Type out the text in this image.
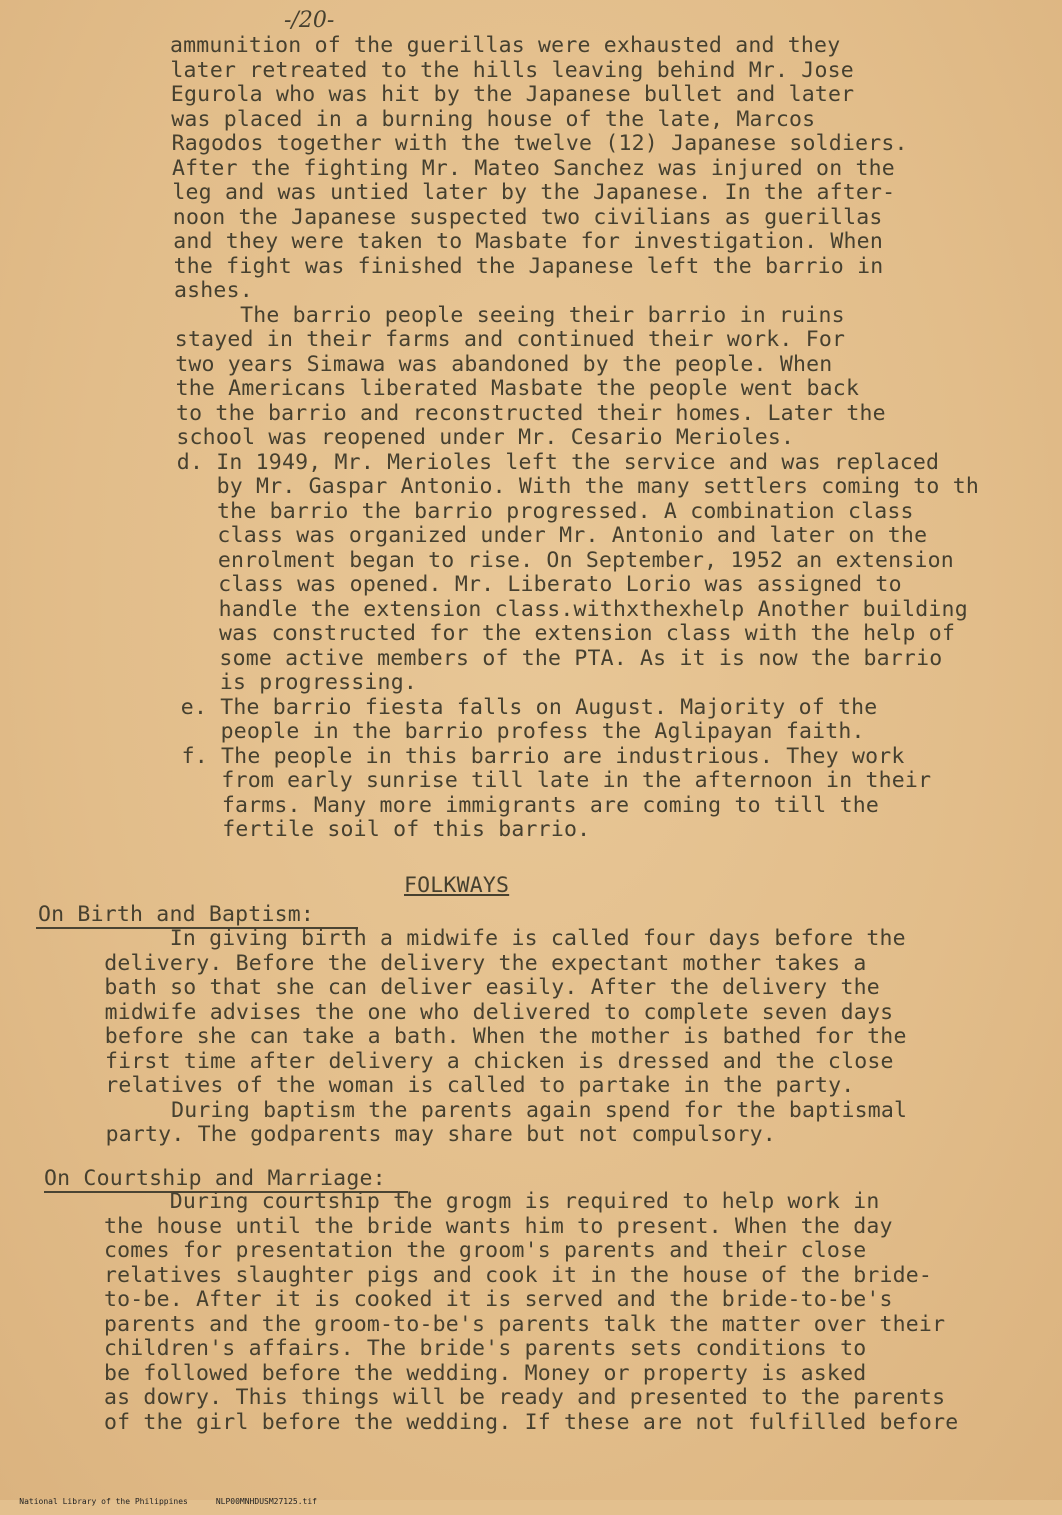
-/20-
ammunition of the guerillas were exhausted and they
later retreated to the hills leaving behind Mr. Jose
Egurola who was hit by the Japanese bullet and later
was placed in a burning house of the late, Marcos
Ragodos together with the twelve (12) Japanese soldiers.
After the fighting Mr. Mateo Sanchez was injured on the
leg and was untied later by the Japanese. In the after-
noon the Japanese suspected two civilians as guerillas
and they were taken to Masbate for investigation. When
the fight was finished the Japanese left the barrio in
ashes.
The barrio people seeing their barrio in ruins
stayed in their farms and continued their work. For
two years Simawa was abandoned by the people. When
the Americans liberated Masbate the people went back
to the barrio and reconstructed their homes. Later the
school was reopened under Mr. Cesario Merioles.
d. In 1949, Mr. Merioles left the service and was replaced
by Mr. Gaspar Antonio. With the many settlers coming to th
the barrio the barrio progressed. A combination class
class was organized under Mr. Antonio and later on the
enrolment began to rise. On September, 1952 an extension
class was opened. Mr. Liberato Lorio was assigned to
handle the extension class.withxthexhelp Another building
was constructed for the extension class with the help of
some active members of the PTA. As it is now the barrio
is progressing.
e. The barrio fiesta falls on August. Majority of the
people in the barrio profess the Aglipayan faith.
f. The people in this barrio are industrious. They work
from early sunrise till late in the afternoon in their
farms. Many more immigrants are coming to till the
fertile soil of this barrio.
FOLKWAYS
On Birth and Baptism:
In giving birth a midwife is called four days before the
delivery. Before the delivery the expectant mother takes a
bath so that she can deliver easily. After the delivery the
midwife advises the one who delivered to complete seven days
before she can take a bath. When the mother is bathed for the
first time after delivery a chicken is dressed and the close
relatives of the woman is called to partake in the party.
During baptism the parents again spend for the baptismal
party. The godparents may share but not compulsory.
On Courtship and Marriage:
During courtship the grogm is required to help work in
the house until the bride wants him to present. When the day
comes for presentation the groom's parents and their close
relatives slaughter pigs and cook it in the house of the bride-
to-be. After it is cooked it is served and the bride-to-be's
parents and the groom-to-be's parents talk the matter over their
children's affairs. The bride's parents sets conditions to
be followed before the wedding. Money or property is asked
as dowry. This things will be ready and presented to the parents
of the girl before the wedding. If these are not fulfilled before

National Library of the Philippines	NLP00MNHDUSM27125.tif
